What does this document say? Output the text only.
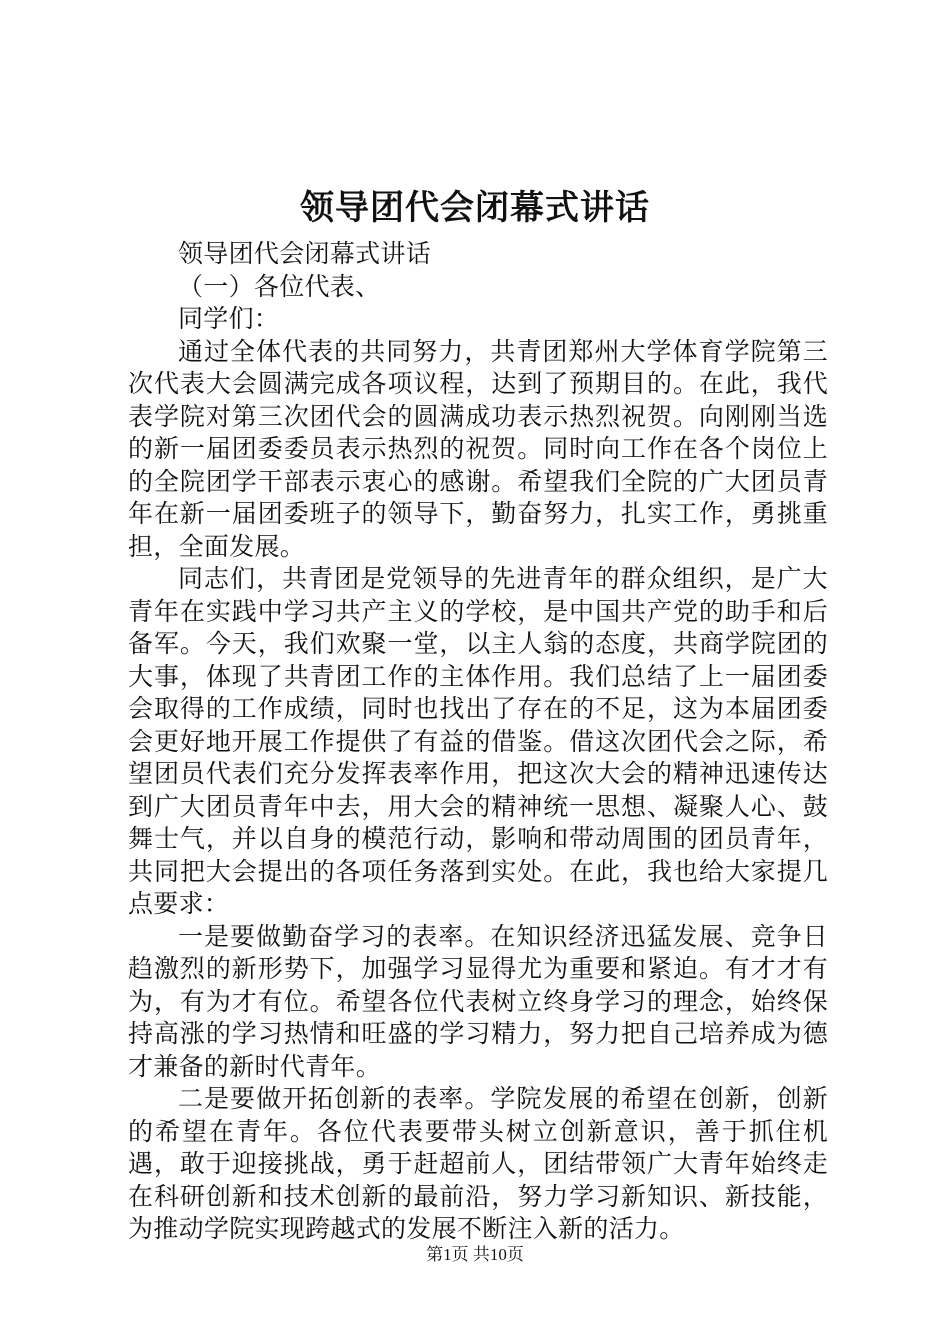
领导团代会闭幕式讲话

领导团代会闭幕式讲话

（一）各位代表、

同学们：

通过全体代表的共同努力，共青团郑州大学体育学院第三次代表大会圆满完成各项议程，达到了预期目的。在此，我代表学院对第三次团代会的圆满成功表示热烈祝贺。向刚刚当选的新一届团委委员表示热烈的祝贺。同时向工作在各个岗位上的全院团学干部表示衷心的感谢。希望我们全院的广大团员青年在新一届团委班子的领导下，勤奋努力，扎实工作，勇挑重担，全面发展。

同志们，共青团是党领导的先进青年的群众组织，是广大青年在实践中学习共产主义的学校，是中国共产党的助手和后备军。今天，我们欢聚一堂，以主人翁的态度，共商学院团的大事，体现了共青团工作的主体作用。我们总结了上一届团委会取得的工作成绩，同时也找出了存在的不足，这为本届团委会更好地开展工作提供了有益的借鉴。借这次团代会之际，希望团员代表们充分发挥表率作用，把这次大会的精神迅速传达到广大团员青年中去，用大会的精神统一思想、凝聚人心、鼓舞士气，并以自身的模范行动，影响和带动周围的团员青年，共同把大会提出的各项任务落到实处。在此，我也给大家提几点要求：

一是要做勤奋学习的表率。在知识经济迅猛发展、竞争日趋激烈的新形势下，加强学习显得尤为重要和紧迫。有才才有为，有为才有位。希望各位代表树立终身学习的理念，始终保持高涨的学习热情和旺盛的学习精力，努力把自己培养成为德才兼备的新时代青年。

二是要做开拓创新的表率。学院发展的希望在创新，创新的希望在青年。各位代表要带头树立创新意识，善于抓住机遇，敢于迎接挑战，勇于赶超前人，团结带领广大青年始终走在科研创新和技术创新的最前沿，努力学习新知识、新技能，为推动学院实现跨越式的发展不断注入新的活力。

第1页 共10页
